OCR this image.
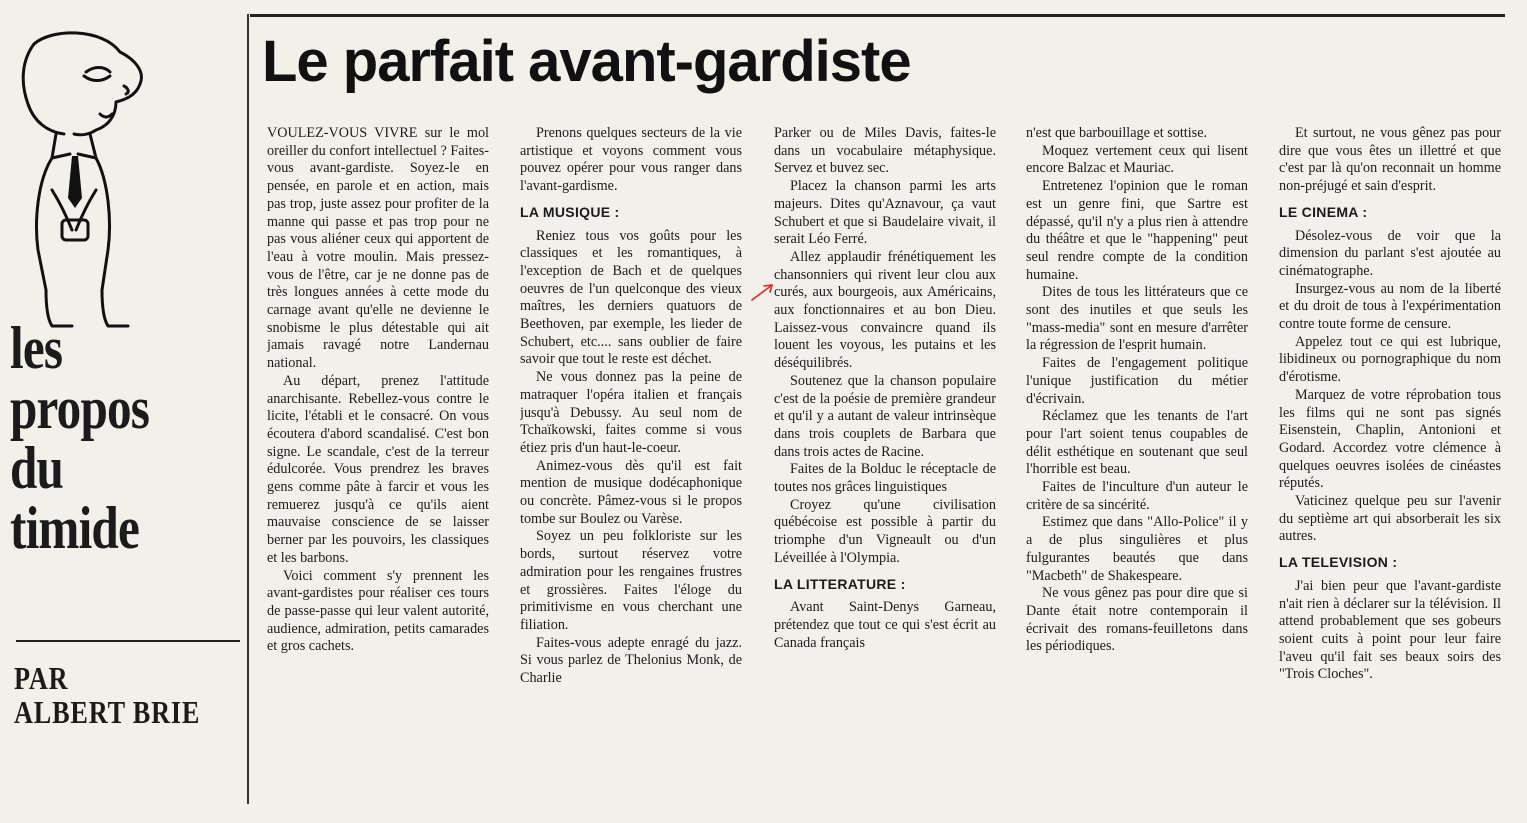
Le parfait avant-gardiste
les
propos
du
timide

PAR

ALBERT BRIE

VOULEZ-VOUS VIVRE sur le mol oreiller du confort intellectuel ? Faites-vous avant-gardiste. Soyez-le en pensée, en parole et en action, mais pas trop, juste assez pour profiter de la manne qui passe et pas trop pour ne pas vous aliéner ceux qui apportent de l'eau à votre moulin. Mais pressez-vous de l'être, car je ne donne pas de très longues années à cette mode du carnage avant qu'elle ne devienne le snobisme le plus détestable qui ait jamais ravagé notre Landernau national.

Au départ, prenez l'attitude anarchisante. Rebellez-vous contre le licite, l'établi et le consacré. On vous écoutera d'abord scandalisé. C'est bon signe. Le scandale, c'est de la terreur édulcorée. Vous prendrez les braves gens comme pâte à farcir et vous les remuerez jusqu'à ce qu'ils aient mauvaise conscience de se laisser berner par les pouvoirs, les classiques et les barbons.

Voici comment s'y prennent les avant-gardistes pour réaliser ces tours de passe-passe qui leur valent autorité, audience, admiration, petits camarades et gros cachets.

Prenons quelques secteurs de la vie artistique et voyons comment vous pouvez opérer pour vous ranger dans l'avant-gardisme.

LA MUSIQUE :

Reniez tous vos goûts pour les classiques et les romantiques, à l'exception de Bach et de quelques oeuvres de l'un quelconque des vieux maîtres, les derniers quatuors de Beethoven, par exemple, les lieder de Schubert, etc.... sans oublier de faire savoir que tout le reste est déchet.

Ne vous donnez pas la peine de matraquer l'opéra italien et français jusqu'à Debussy. Au seul nom de Tchaïkowski, faites comme si vous étiez pris d'un haut-le-coeur.

Animez-vous dès qu'il est fait mention de musique dodécaphonique ou concrète. Pâmez-vous si le propos tombe sur Boulez ou Varèse.

Soyez un peu folkloriste sur les bords, surtout réservez votre admiration pour les rengaines frustres et grossières. Faites l'éloge du primitivisme en vous cherchant une filiation.

Faites-vous adepte enragé du jazz. Si vous parlez de Thelonius Monk, de Charlie

Parker ou de Miles Davis, faites-le dans un vocabulaire métaphysique. Servez et buvez sec.

Placez la chanson parmi les arts majeurs. Dites qu'Aznavour, ça vaut Schubert et que si Baudelaire vivait, il serait Léo Ferré.

Allez applaudir frénétiquement les chansonniers qui rivent leur clou aux curés, aux bourgeois, aux Américains, aux fonctionnaires et au bon Dieu. Laissez-vous convaincre quand ils louent les voyous, les putains et les déséquilibrés.

Soutenez que la chanson populaire c'est de la poésie de première grandeur et qu'il y a autant de valeur intrinsèque dans trois couplets de Barbara que dans trois actes de Racine.

Faites de la Bolduc le réceptacle de toutes nos grâces linguistiques

Croyez qu'une civilisation québécoise est possible à partir du triomphe d'un Vigneault ou d'un Léveillée à l'Olympia.

LA LITTERATURE :

Avant Saint-Denys Garneau, prétendez que tout ce qui s'est écrit au Canada français

n'est que barbouillage et sottise.

Moquez vertement ceux qui lisent encore Balzac et Mauriac.

Entretenez l'opinion que le roman est un genre fini, que Sartre est dépassé, qu'il n'y a plus rien à attendre du théâtre et que le "happening" peut seul rendre compte de la condition humaine.

Dites de tous les littérateurs que ce sont des inutiles et que seuls les "mass-media" sont en mesure d'arrêter la régression de l'esprit humain.

Faites de l'engagement politique l'unique justification du métier d'écrivain.

Réclamez que les tenants de l'art pour l'art soient tenus coupables de délit esthétique en soutenant que seul l'horrible est beau.

Faites de l'inculture d'un auteur le critère de sa sincérité.

Estimez que dans "Allo-Police" il y a de plus singulières et plus fulgurantes beautés que dans "Macbeth" de Shakespeare.

Ne vous gênez pas pour dire que si Dante était notre contemporain il écrivait des romans-feuilletons dans les périodiques.

Et surtout, ne vous gênez pas pour dire que vous êtes un illettré et que c'est par là qu'on reconnait un homme non-préjugé et sain d'esprit.

LE CINEMA :

Désolez-vous de voir que la dimension du parlant s'est ajoutée au cinématographe.

Insurgez-vous au nom de la liberté et du droit de tous à l'expérimentation contre toute forme de censure.

Appelez tout ce qui est lubrique, libidineux ou pornographique du nom d'érotisme.

Marquez de votre réprobation tous les films qui ne sont pas signés Eisenstein, Chaplin, Antonioni et Godard. Accordez votre clémence à quelques oeuvres isolées de cinéastes réputés.

Vaticinez quelque peu sur l'avenir du septième art qui absorberait les six autres.

LA TELEVISION :

J'ai bien peur que l'avant-gardiste n'ait rien à déclarer sur la télévision. Il attend probablement que ses gobeurs soient cuits à point pour leur faire l'aveu qu'il fait ses beaux soirs des "Trois Cloches".
